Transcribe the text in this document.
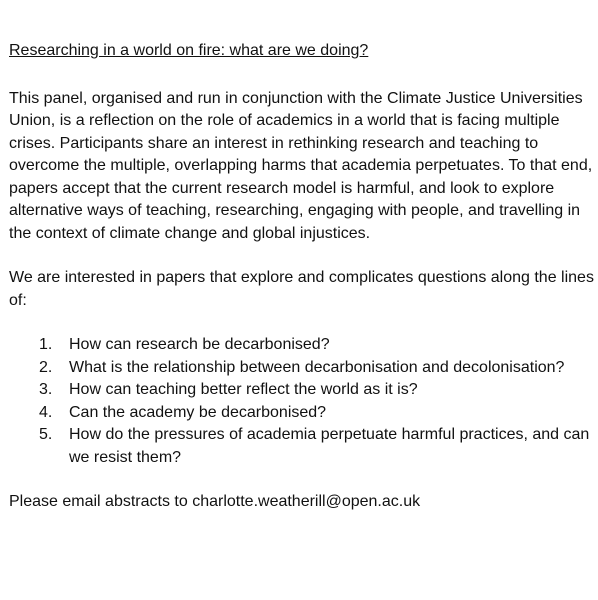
Researching in a world on fire: what are we doing?

This panel, organised and run in conjunction with the Climate Justice Universities Union, is a reflection on the role of academics in a world that is facing multiple crises. Participants share an interest in rethinking research and teaching to overcome the multiple, overlapping harms that academia perpetuates. To that end, papers accept that the current research model is harmful, and look to explore alternative ways of teaching, researching, engaging with people, and travelling in the context of climate change and global injustices.

We are interested in papers that explore and complicates questions along the lines of:

1. How can research be decarbonised?
2. What is the relationship between decarbonisation and decolonisation?
3. How can teaching better reflect the world as it is?
4. Can the academy be decarbonised?
5. How do the pressures of academia perpetuate harmful practices, and can we resist them?

Please email abstracts to charlotte.weatherill@open.ac.uk
